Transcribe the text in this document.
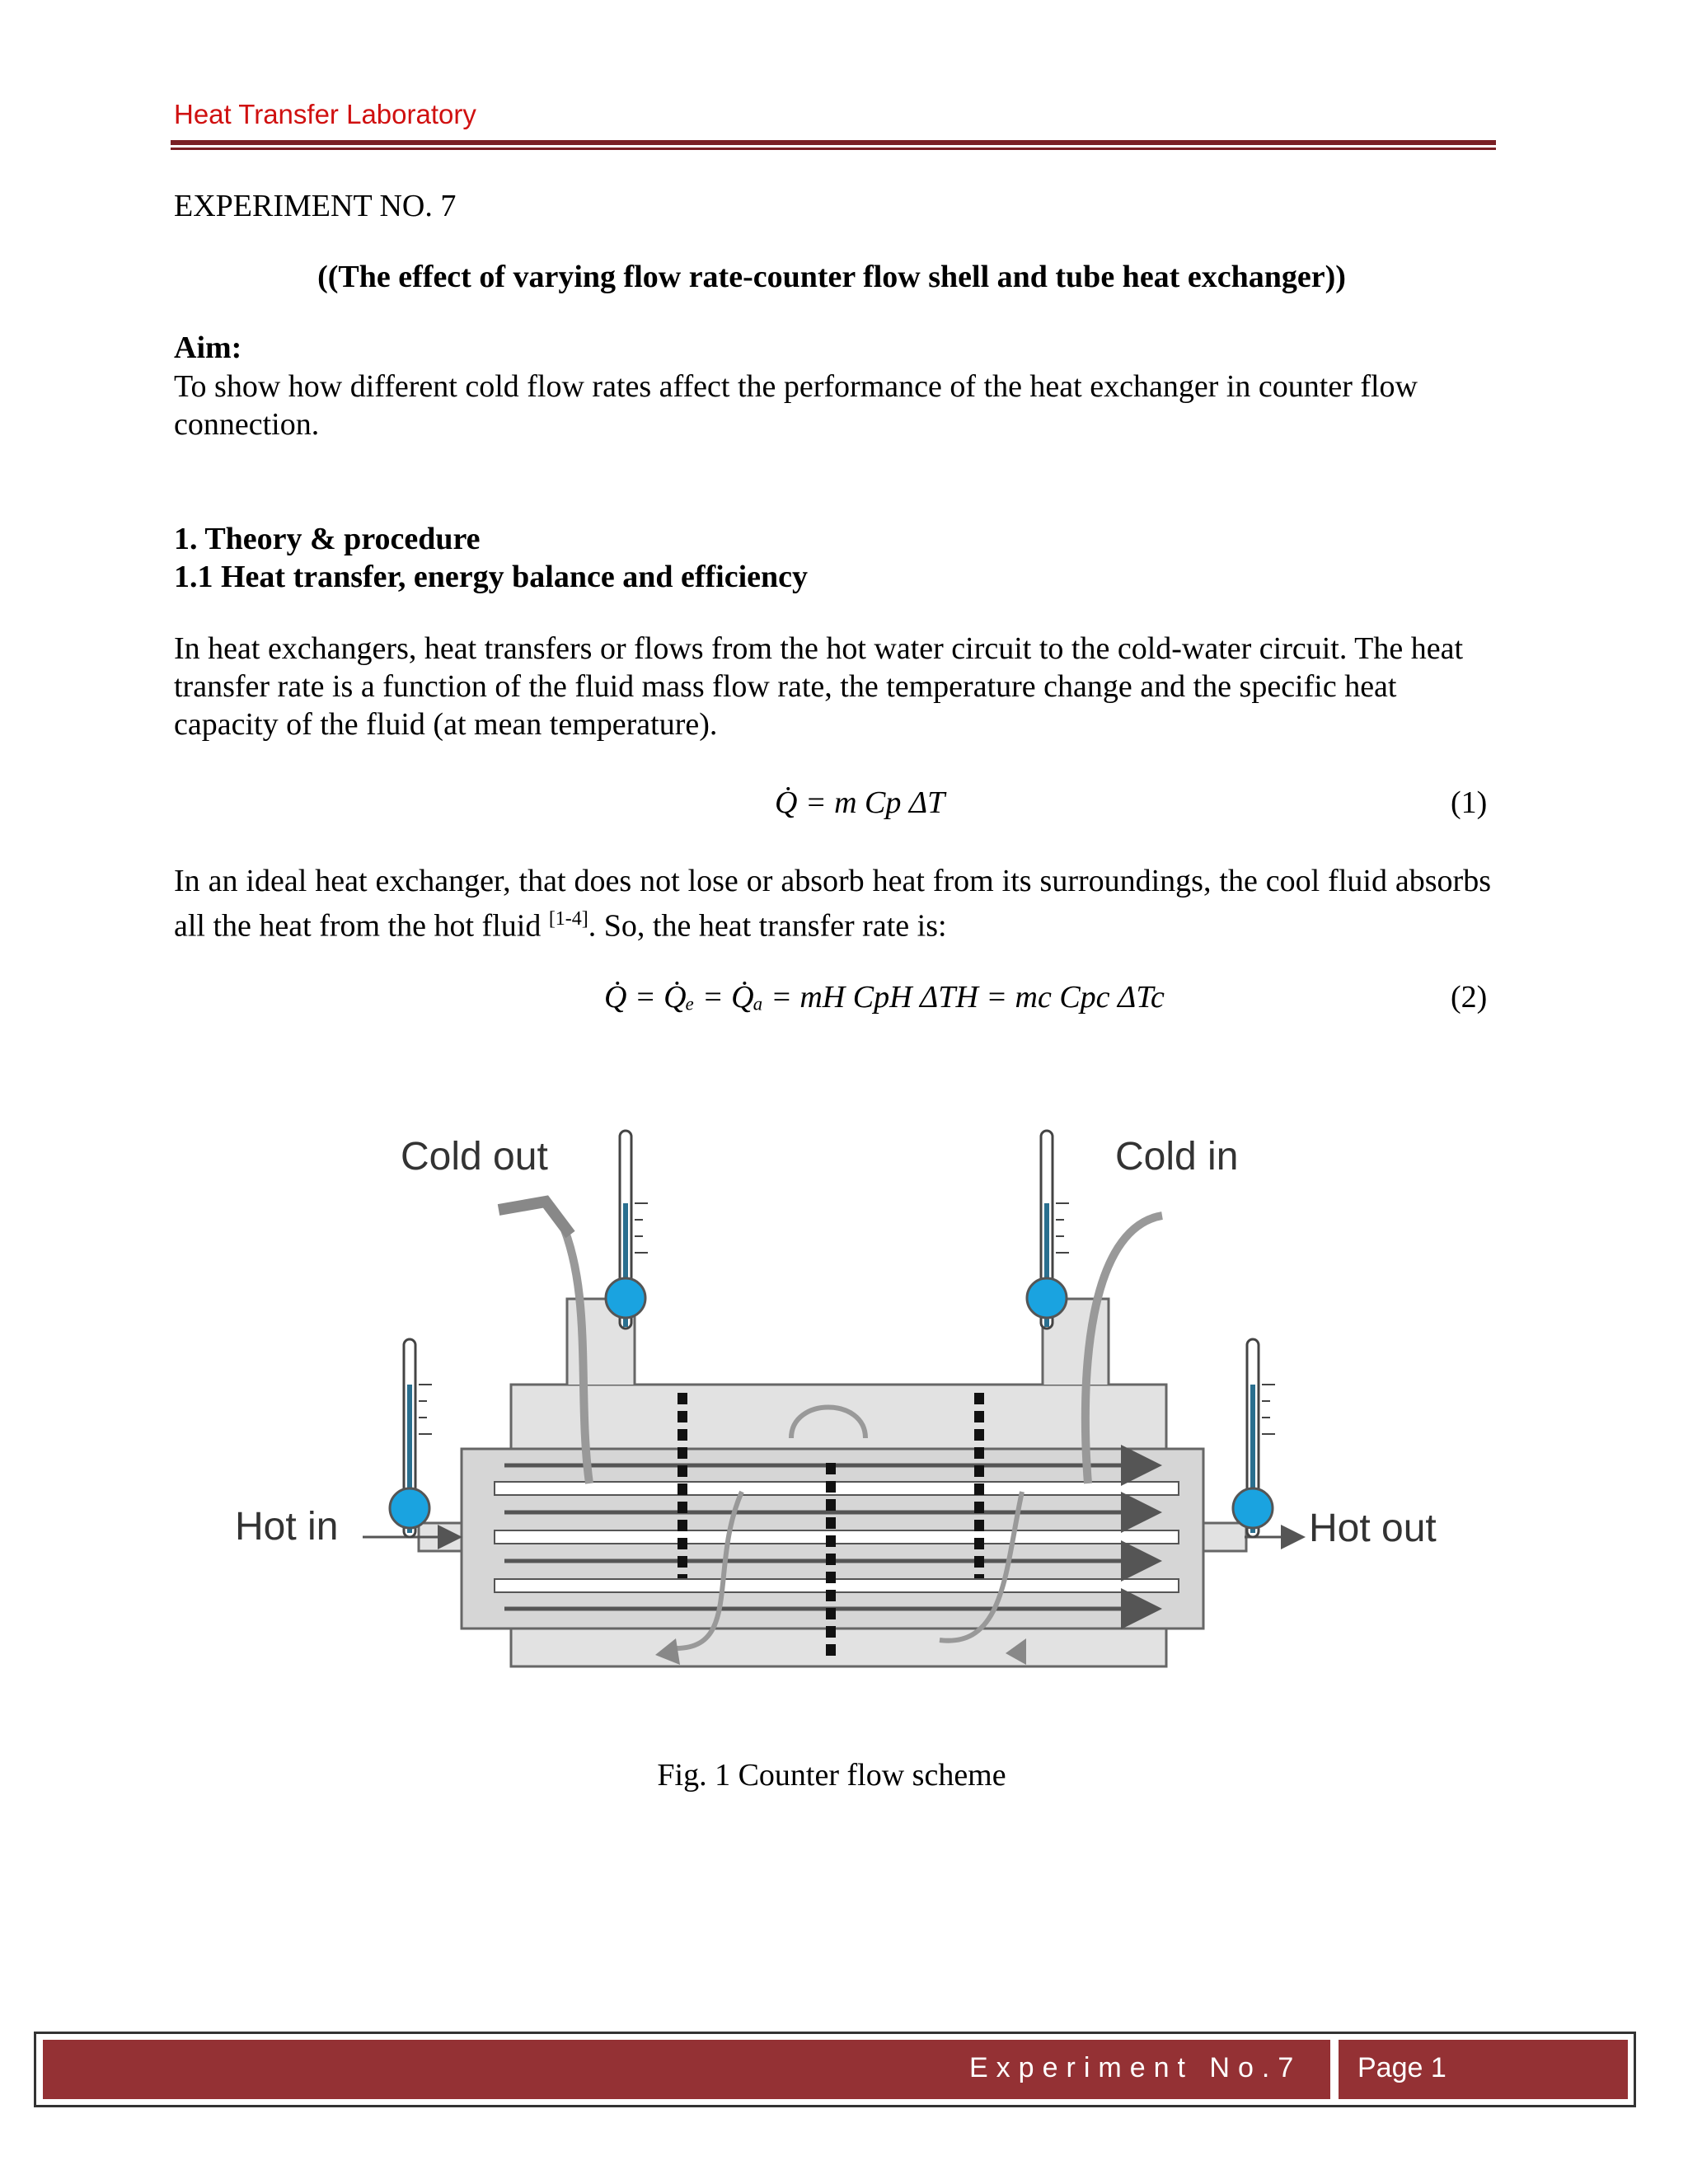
Heat Transfer Laboratory
EXPERIMENT NO. 7
((The effect of varying flow rate-counter flow shell and tube heat exchanger))
Aim:
To show how different cold flow rates affect the performance of the heat exchanger in counter flow connection.
1. Theory & procedure
1.1 Heat transfer, energy balance and efficiency
In heat exchangers, heat transfers or flows from the hot water circuit to the cold-water circuit. The heat transfer rate is a function of the fluid mass flow rate, the temperature change and the specific heat capacity of the fluid (at mean temperature).
Q̇ = m Cp ΔT	(1)
In an ideal heat exchanger, that does not lose or absorb heat from its surroundings, the cool fluid absorbs all the heat from the hot fluid [1-4]. So, the heat transfer rate is:
Q̇ = Q̇ₑ = Q̇ₐ = mH CpH ΔTH = mc Cpc ΔTc	(2)
Cold out	Cold in
Hot in	Hot out
Fig. 1 Counter flow scheme
Experiment No.7 Page 1
